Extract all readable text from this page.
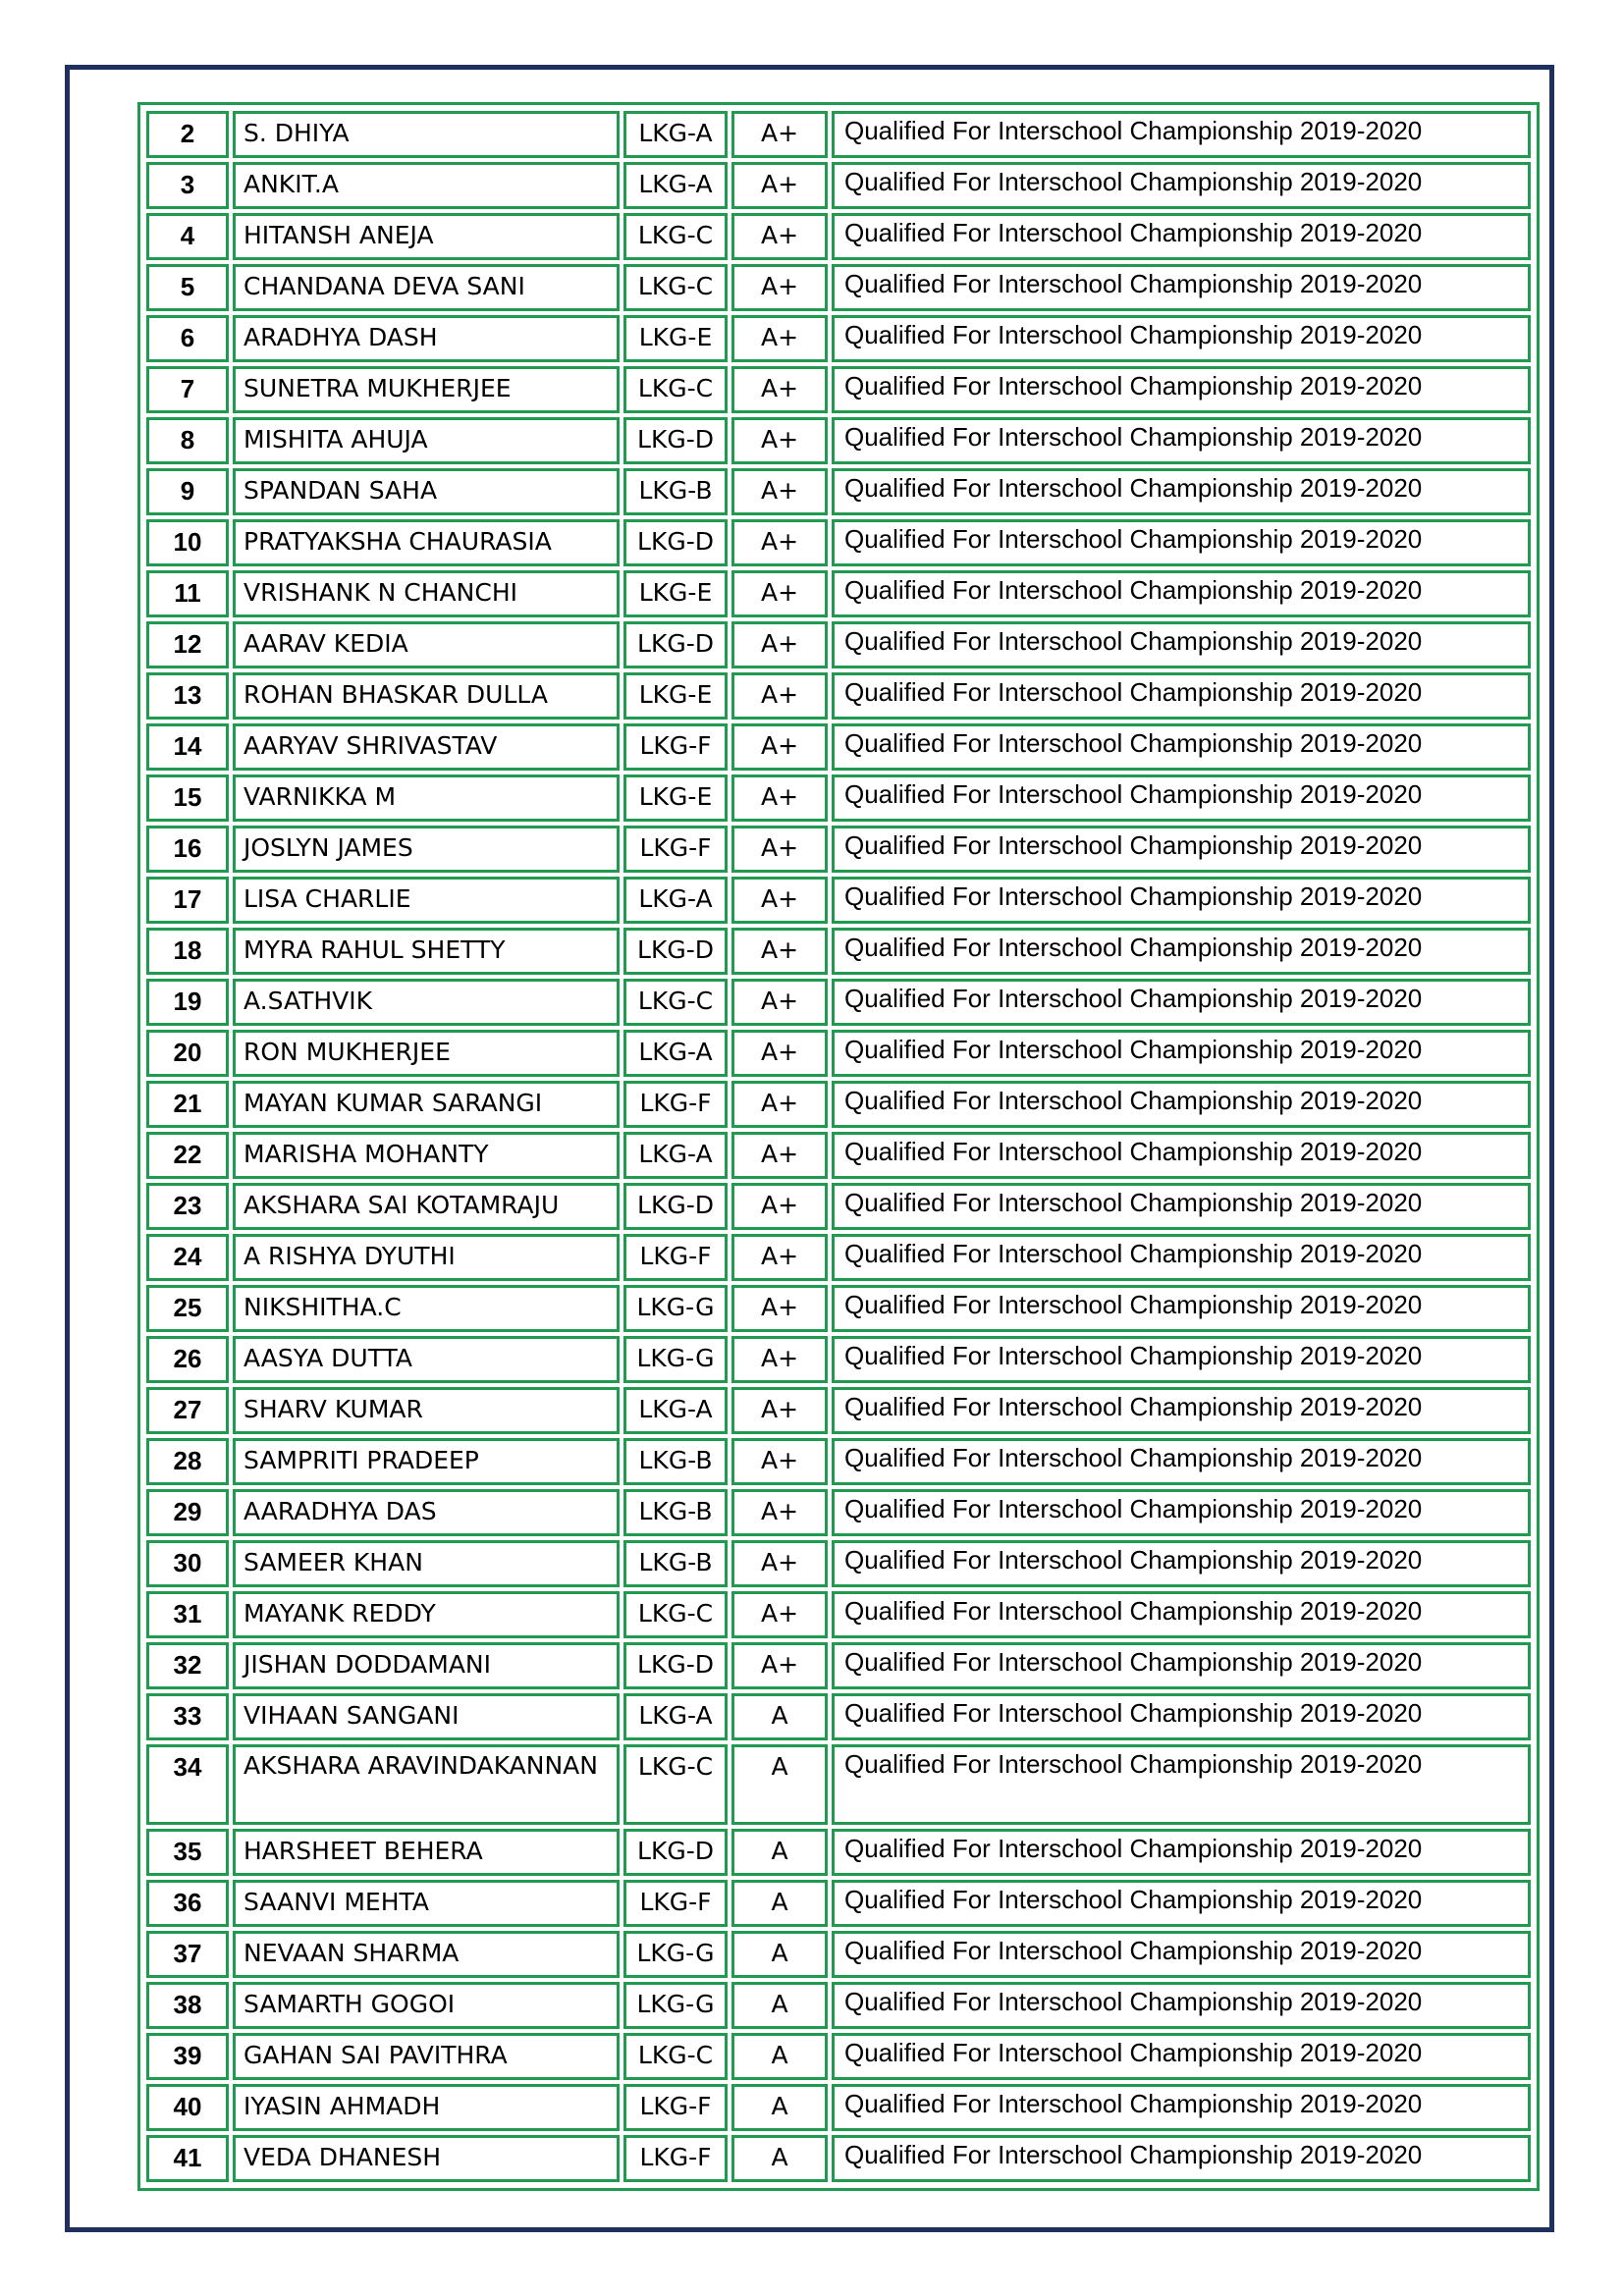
2	S. DHIYA	LKG-A	A+	Qualified For Interschool Championship 2019-2020
3	ANKIT.A	LKG-A	A+	Qualified For Interschool Championship 2019-2020
4	HITANSH ANEJA	LKG-C	A+	Qualified For Interschool Championship 2019-2020
5	CHANDANA DEVA SANI	LKG-C	A+	Qualified For Interschool Championship 2019-2020
6	ARADHYA DASH	LKG-E	A+	Qualified For Interschool Championship 2019-2020
7	SUNETRA MUKHERJEE	LKG-C	A+	Qualified For Interschool Championship 2019-2020
8	MISHITA AHUJA	LKG-D	A+	Qualified For Interschool Championship 2019-2020
9	SPANDAN SAHA	LKG-B	A+	Qualified For Interschool Championship 2019-2020
10	PRATYAKSHA CHAURASIA	LKG-D	A+	Qualified For Interschool Championship 2019-2020
11	VRISHANK N CHANCHI	LKG-E	A+	Qualified For Interschool Championship 2019-2020
12	AARAV KEDIA	LKG-D	A+	Qualified For Interschool Championship 2019-2020
13	ROHAN BHASKAR DULLA	LKG-E	A+	Qualified For Interschool Championship 2019-2020
14	AARYAV SHRIVASTAV	LKG-F	A+	Qualified For Interschool Championship 2019-2020
15	VARNIKKA M	LKG-E	A+	Qualified For Interschool Championship 2019-2020
16	JOSLYN JAMES	LKG-F	A+	Qualified For Interschool Championship 2019-2020
17	LISA CHARLIE	LKG-A	A+	Qualified For Interschool Championship 2019-2020
18	MYRA RAHUL SHETTY	LKG-D	A+	Qualified For Interschool Championship 2019-2020
19	A.SATHVIK	LKG-C	A+	Qualified For Interschool Championship 2019-2020
20	RON MUKHERJEE	LKG-A	A+	Qualified For Interschool Championship 2019-2020
21	MAYAN KUMAR SARANGI	LKG-F	A+	Qualified For Interschool Championship 2019-2020
22	MARISHA MOHANTY	LKG-A	A+	Qualified For Interschool Championship 2019-2020
23	AKSHARA SAI KOTAMRAJU	LKG-D	A+	Qualified For Interschool Championship 2019-2020
24	A RISHYA DYUTHI	LKG-F	A+	Qualified For Interschool Championship 2019-2020
25	NIKSHITHA.C	LKG-G	A+	Qualified For Interschool Championship 2019-2020
26	AASYA DUTTA	LKG-G	A+	Qualified For Interschool Championship 2019-2020
27	SHARV KUMAR	LKG-A	A+	Qualified For Interschool Championship 2019-2020
28	SAMPRITI PRADEEP	LKG-B	A+	Qualified For Interschool Championship 2019-2020
29	AARADHYA DAS	LKG-B	A+	Qualified For Interschool Championship 2019-2020
30	SAMEER KHAN	LKG-B	A+	Qualified For Interschool Championship 2019-2020
31	MAYANK REDDY	LKG-C	A+	Qualified For Interschool Championship 2019-2020
32	JISHAN DODDAMANI	LKG-D	A+	Qualified For Interschool Championship 2019-2020
33	VIHAAN SANGANI	LKG-A	A	Qualified For Interschool Championship 2019-2020
34	AKSHARA ARAVINDAKANNAN	LKG-C	A	Qualified For Interschool Championship 2019-2020
35	HARSHEET BEHERA	LKG-D	A	Qualified For Interschool Championship 2019-2020
36	SAANVI MEHTA	LKG-F	A	Qualified For Interschool Championship 2019-2020
37	NEVAAN SHARMA	LKG-G	A	Qualified For Interschool Championship 2019-2020
38	SAMARTH GOGOI	LKG-G	A	Qualified For Interschool Championship 2019-2020
39	GAHAN SAI PAVITHRA	LKG-C	A	Qualified For Interschool Championship 2019-2020
40	IYASIN AHMADH	LKG-F	A	Qualified For Interschool Championship 2019-2020
41	VEDA DHANESH	LKG-F	A	Qualified For Interschool Championship 2019-2020
